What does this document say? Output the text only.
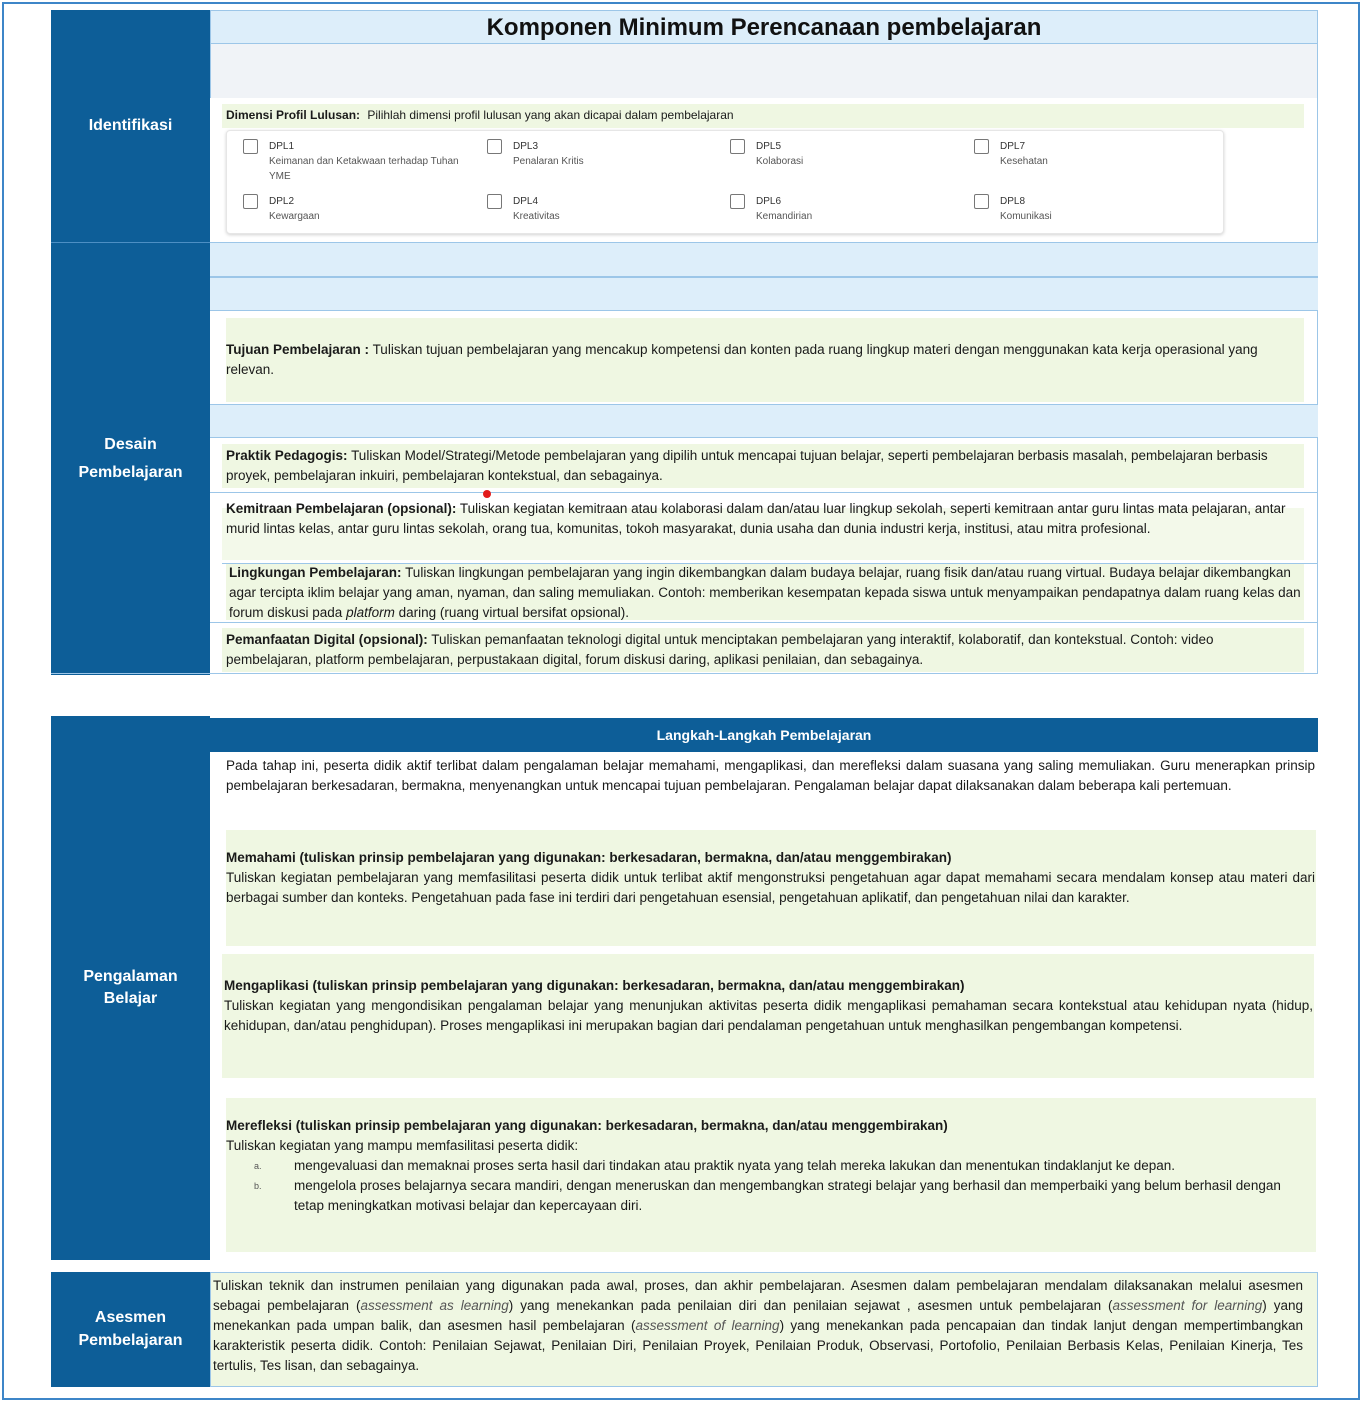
Identifikasi
Desain
Pembelajaran
Komponen Minimum Perencanaan pembelajaran
Dimensi Profil Lulusan: Pilihlah dimensi profil lulusan yang akan dicapai dalam pembelajaran
DPL1
Keimanan dan Ketakwaan terhadap Tuhan YME
DPL3
Penalaran Kritis
DPL5
Kolaborasi
DPL7
Kesehatan
DPL2
Kewargaan
DPL4
Kreativitas
DPL6
Kemandirian
DPL8
Komunikasi
Tujuan Pembelajaran : Tuliskan tujuan pembelajaran yang mencakup kompetensi dan konten pada ruang lingkup materi dengan menggunakan kata kerja operasional yang relevan.
Praktik Pedagogis: Tuliskan Model/Strategi/Metode pembelajaran yang dipilih untuk mencapai tujuan belajar, seperti pembelajaran berbasis masalah, pembelajaran berbasis proyek, pembelajaran inkuiri, pembelajaran kontekstual, dan sebagainya.
Kemitraan Pembelajaran (opsional): Tuliskan kegiatan kemitraan atau kolaborasi dalam dan/atau luar lingkup sekolah, seperti kemitraan antar guru lintas mata pelajaran, antar murid lintas kelas, antar guru lintas sekolah, orang tua, komunitas, tokoh masyarakat, dunia usaha dan dunia industri kerja, institusi, atau mitra profesional.
Lingkungan Pembelajaran: Tuliskan lingkungan pembelajaran yang ingin dikembangkan dalam budaya belajar, ruang fisik dan/atau ruang virtual. Budaya belajar dikembangkan agar tercipta iklim belajar yang aman, nyaman, dan saling memuliakan. Contoh: memberikan kesempatan kepada siswa untuk menyampaikan pendapatnya dalam ruang kelas dan forum diskusi pada platform daring (ruang virtual bersifat opsional).
Pemanfaatan Digital (opsional): Tuliskan pemanfaatan teknologi digital untuk menciptakan pembelajaran yang interaktif, kolaboratif, dan kontekstual. Contoh: video pembelajaran, platform pembelajaran, perpustakaan digital, forum diskusi daring, aplikasi penilaian, dan sebagainya.
Pengalaman
Belajar
Langkah-Langkah Pembelajaran
Pada tahap ini, peserta didik aktif terlibat dalam pengalaman belajar memahami, mengaplikasi, dan merefleksi dalam suasana yang saling memuliakan. Guru menerapkan prinsip pembelajaran berkesadaran, bermakna, menyenangkan untuk mencapai tujuan pembelajaran. Pengalaman belajar dapat dilaksanakan dalam beberapa kali pertemuan.
Memahami (tuliskan prinsip pembelajaran yang digunakan: berkesadaran, bermakna, dan/atau menggembirakan)
Tuliskan kegiatan pembelajaran yang memfasilitasi peserta didik untuk terlibat aktif mengonstruksi pengetahuan agar dapat memahami secara mendalam konsep atau materi dari berbagai sumber dan konteks. Pengetahuan pada fase ini terdiri dari pengetahuan esensial, pengetahuan aplikatif, dan pengetahuan nilai dan karakter.
Mengaplikasi (tuliskan prinsip pembelajaran yang digunakan: berkesadaran, bermakna, dan/atau menggembirakan)
Tuliskan kegiatan yang mengondisikan pengalaman belajar yang menunjukan aktivitas peserta didik mengaplikasi pemahaman secara kontekstual atau kehidupan nyata (hidup, kehidupan, dan/atau penghidupan). Proses mengaplikasi ini merupakan bagian dari pendalaman pengetahuan untuk menghasilkan pengembangan kompetensi.
Merefleksi (tuliskan prinsip pembelajaran yang digunakan: berkesadaran, bermakna, dan/atau menggembirakan)
Tuliskan kegiatan yang mampu memfasilitasi peserta didik:
a. mengevaluasi dan memaknai proses serta hasil dari tindakan atau praktik nyata yang telah mereka lakukan dan menentukan tindaklanjut ke depan.
b. mengelola proses belajarnya secara mandiri, dengan meneruskan dan mengembangkan strategi belajar yang berhasil dan memperbaiki yang belum berhasil dengan tetap meningkatkan motivasi belajar dan kepercayaan diri.
Asesmen
Pembelajaran
Tuliskan teknik dan instrumen penilaian yang digunakan pada awal, proses, dan akhir pembelajaran. Asesmen dalam pembelajaran mendalam dilaksanakan melalui asesmen sebagai pembelajaran (assessment as learning) yang menekankan pada penilaian diri dan penilaian sejawat , asesmen untuk pembelajaran (assessment for learning) yang menekankan pada umpan balik, dan asesmen hasil pembelajaran (assessment of learning) yang menekankan pada pencapaian dan tindak lanjut dengan mempertimbangkan karakteristik peserta didik. Contoh: Penilaian Sejawat, Penilaian Diri, Penilaian Proyek, Penilaian Produk, Observasi, Portofolio, Penilaian Berbasis Kelas, Penilaian Kinerja, Tes tertulis, Tes lisan, dan sebagainya.
